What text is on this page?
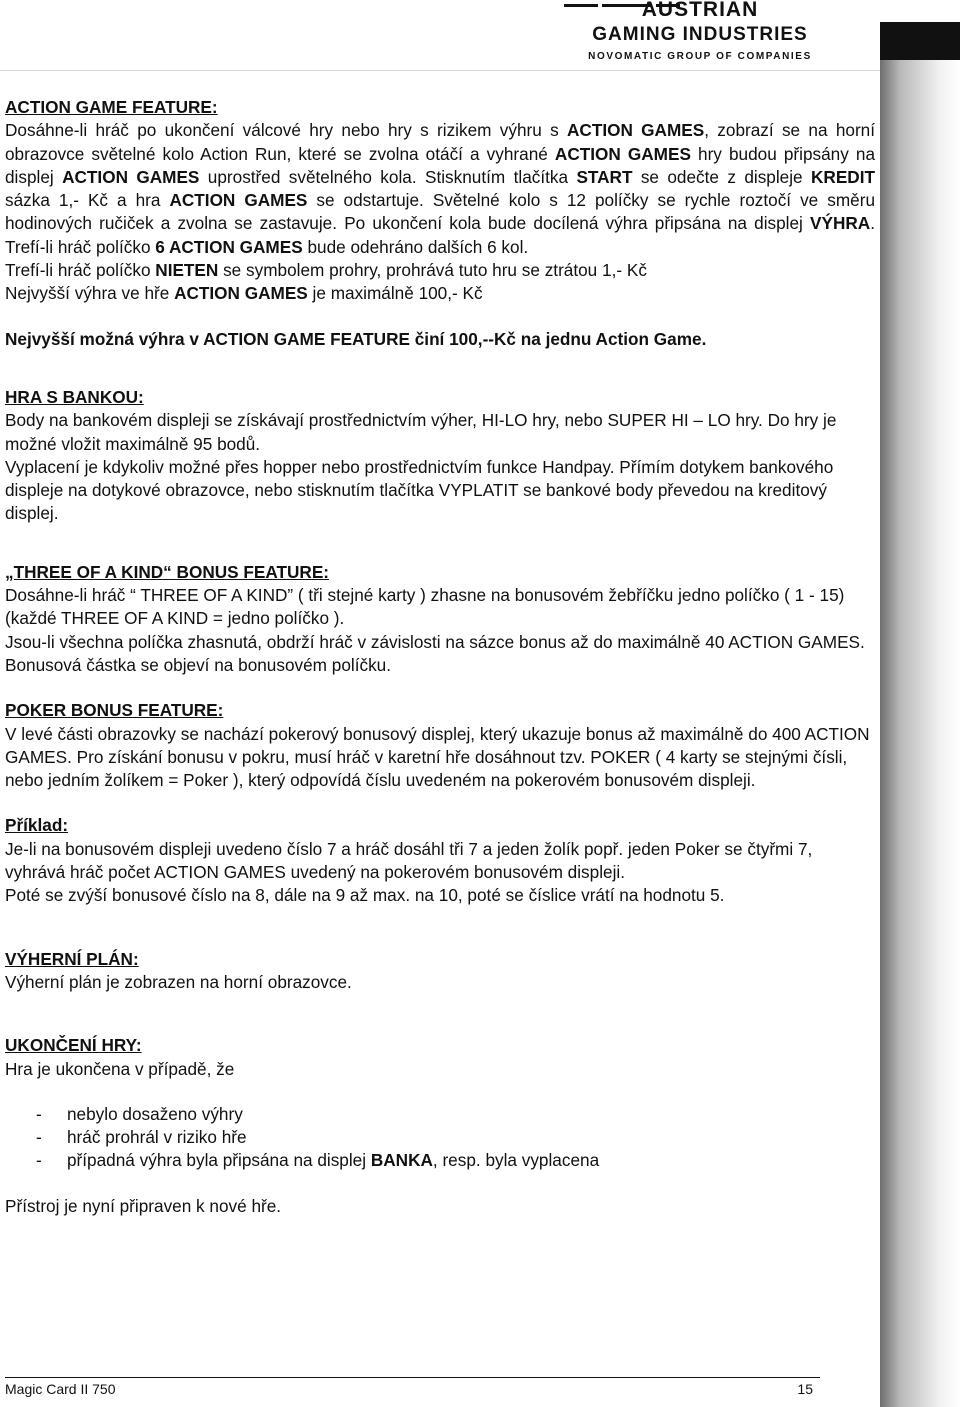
AUSTRIAN
GAMING INDUSTRIES
NOVOMATIC GROUP OF COMPANIES

ACTION GAME FEATURE:

Dosáhne-li hráč po ukončení válcové hry nebo hry s rizikem výhru s ACTION GAMES, zobrazí se na horní obrazovce světelné kolo Action Run, které se zvolna otáčí a vyhrané ACTION GAMES hry budou připsány na displej ACTION GAMES uprostřed světelného kola. Stisknutím tlačítka START se odečte z displeje KREDIT sázka 1,- Kč a hra ACTION GAMES se odstartuje. Světelné kolo s 12 políčky se rychle roztočí ve směru hodinových ručiček a zvolna se zastavuje. Po ukončení kola bude docílená výhra připsána na displej VÝHRA. Trefí-li hráč políčko 6 ACTION GAMES bude odehráno dalších 6 kol.

Trefí-li hráč políčko NIETEN se symbolem prohry, prohrává tuto hru se ztrátou 1,- Kč

Nejvyšší výhra ve hře ACTION GAMES je maximálně 100,- Kč

Nejvyšší možná výhra v ACTION GAME FEATURE činí 100,--Kč na jednu Action Game.

HRA S BANKOU:

Body na bankovém displeji se získávají prostřednictvím výher, HI-LO hry, nebo SUPER HI – LO hry. Do hry je možné vložit maximálně 95 bodů.

Vyplacení je kdykoliv možné přes hopper nebo prostřednictvím funkce Handpay. Přímím dotykem bankového displeje na dotykové obrazovce, nebo stisknutím tlačítka VYPLATIT se bankové body převedou na kreditový displej.

„THREE OF A KIND“ BONUS FEATURE:

Dosáhne-li hráč “ THREE OF A KIND” ( tři stejné karty ) zhasne na bonusovém žebříčku jedno políčko ( 1 - 15) (každé THREE OF A KIND = jedno políčko ).

Jsou-li všechna políčka zhasnutá, obdrží hráč v závislosti na sázce bonus až do maximálně 40 ACTION GAMES.

Bonusová částka se objeví na bonusovém políčku.

POKER BONUS FEATURE:

V levé části obrazovky se nachází pokerový bonusový displej, který ukazuje bonus až maximálně do 400 ACTION GAMES. Pro získání bonusu v pokru, musí hráč v karetní hře dosáhnout tzv. POKER ( 4 karty se stejnými čísli, nebo jedním žolíkem = Poker ), který odpovídá číslu uvedeném na pokerovém bonusovém displeji.

Příklad:

Je-li na bonusovém displeji uvedeno číslo 7 a hráč dosáhl tři 7 a jeden žolík popř. jeden Poker se čtyřmi 7, vyhrává hráč počet ACTION GAMES uvedený na pokerovém bonusovém displeji.

Poté se zvýší bonusové číslo na 8, dále na 9 až max. na 10, poté se číslice vrátí na hodnotu 5.

VÝHERNÍ PLÁN:

Výherní plán je zobrazen na horní obrazovce.

UKONČENÍ HRY:

Hra je ukončena v případě, že

-	nebylo dosaženo výhry
-	hráč prohrál v riziko hře
-	případná výhra byla připsána na displej BANKA, resp. byla vyplacena

Přístroj je nyní připraven k nové hře.

Magic Card II 750	15
